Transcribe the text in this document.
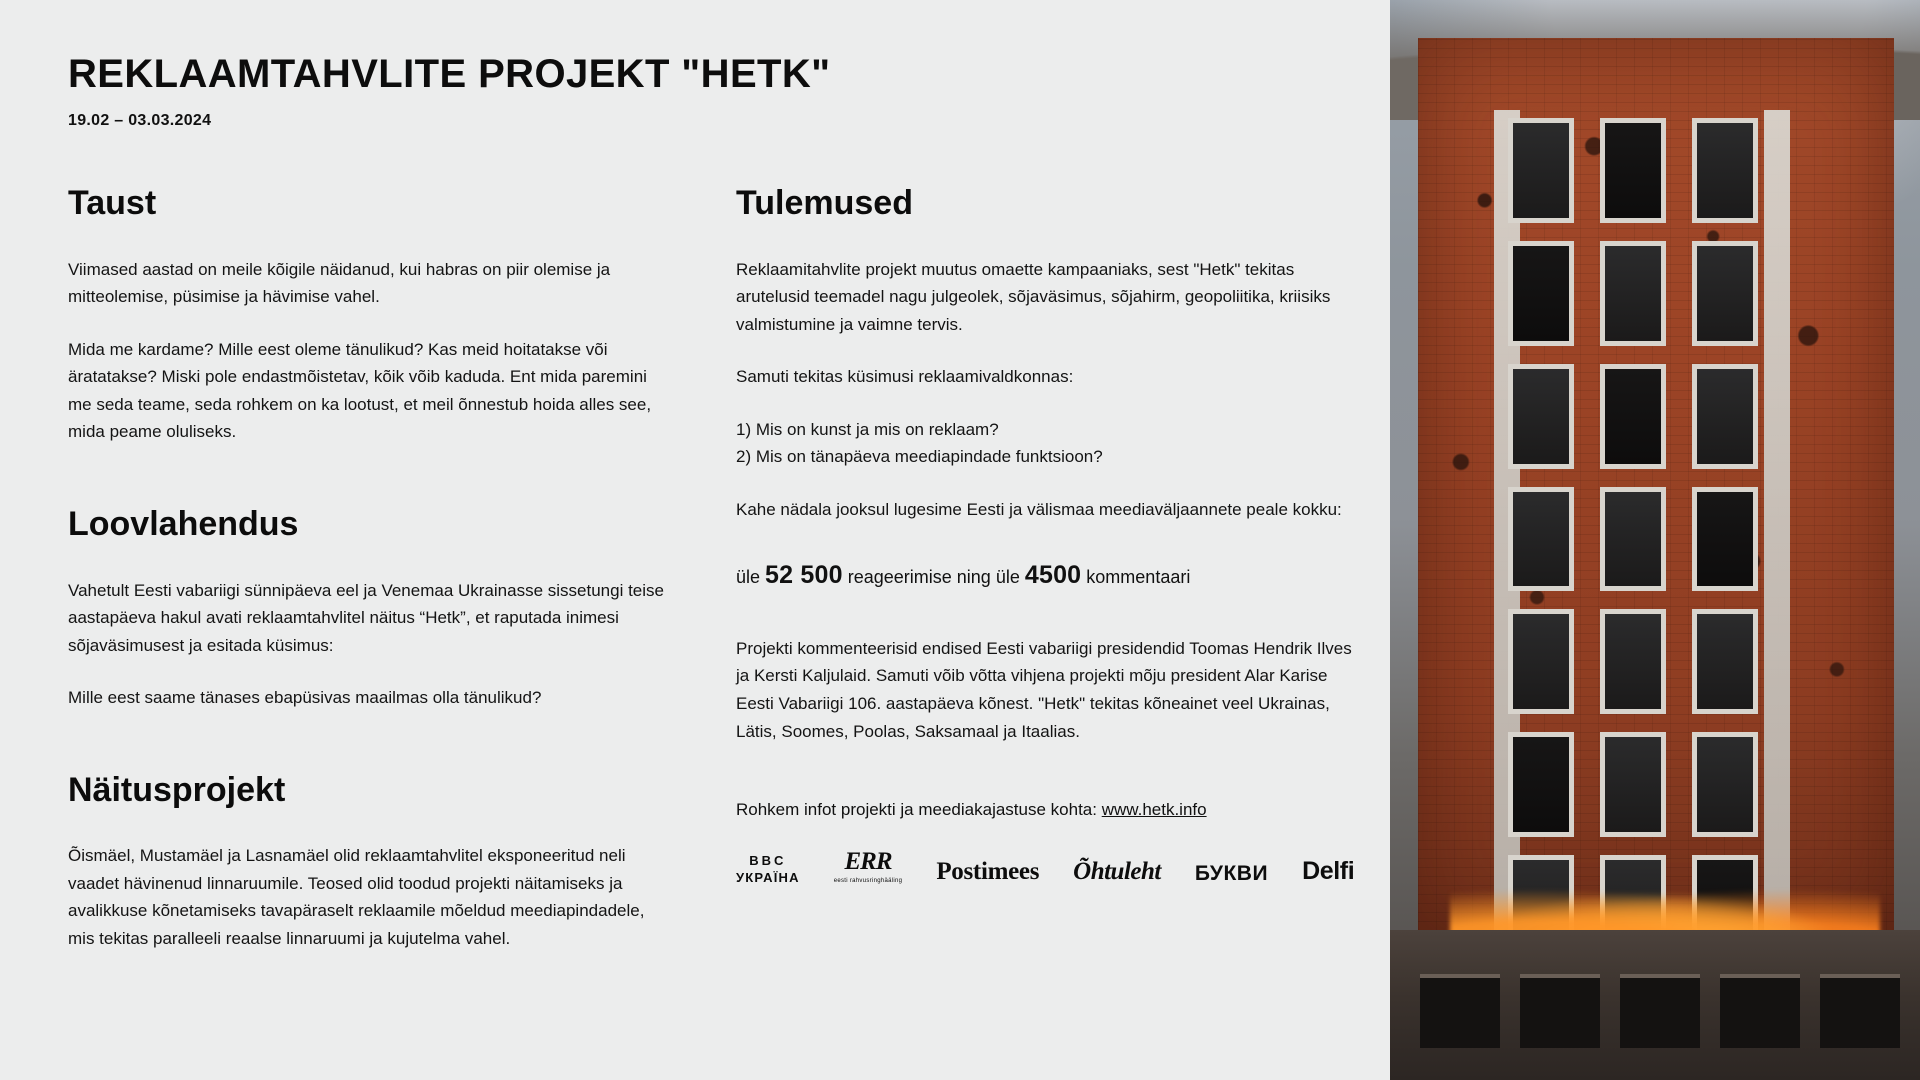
REKLAAMTAHVLITE PROJEKT "HETK"
19.02 – 03.03.2024
Taust

Viimased aastad on meile kõigile näidanud, kui habras on piir olemise ja mitteolemise, püsimise ja hävimise vahel.

Mida me kardame? Mille eest oleme tänulikud? Kas meid hoitatakse või äratatakse? Miski pole endastmõistetav, kõik võib kaduda. Ent mida paremini me seda teame, seda rohkem on ka lootust, et meil õnnestub hoida alles see, mida peame oluliseks.

Loovlahendus

Vahetult Eesti vabariigi sünnipäeva eel ja Venemaa Ukrainasse sissetungi teise aastapäeva hakul avati reklaamtahvlitel näitus “Hetk”, et raputada inimesi sõjaväsimusest ja esitada küsimus:

Mille eest saame tänases ebapüsivas maailmas olla tänulikud?

Näitusprojekt

Õismäel, Mustamäel ja Lasnamäel olid reklaamtahvlitel eksponeeritud neli vaadet hävinenud linnaruumile. Teosed olid toodud projekti näitamiseks ja avalikkuse kõnetamiseks tavapäraselt reklaamile mõeldud meediapindadele, mis tekitas paralleeli reaalse linnaruumi ja kujutelma vahel.

Tulemused

Reklaamitahvlite projekt muutus omaette kampaaniaks, sest "Hetk" tekitas arutelusid teemadel nagu julgeolek, sõjaväsimus, sõjahirm, geopoliitika, kriisiks valmistumine ja vaimne tervis.

Samuti tekitas küsimusi reklaamivaldkonnas:

1) Mis on kunst ja mis on reklaam?
2) Mis on tänapäeva meediapindade funktsioon?

Kahe nädala jooksul lugesime Eesti ja välismaa meediaväljaannete peale kokku:

üle 52 500 reageerimise ning üle 4500 kommentaari

Projekti kommenteerisid endised Eesti vabariigi presidendid Toomas Hendrik Ilves ja Kersti Kaljulaid. Samuti võib võtta vihjena projekti mõju president Alar Karise Eesti Vabariigi 106. aastapäeva kõnest. "Hetk" tekitas kõneainet veel Ukrainas, Lätis, Soomes, Poolas, Saksamaal ja Itaalias.

Rohkem infot projekti ja meediakajastuse kohta: www.hetk.info
BBC
УКРАЇНА
ERR
eesti rahvusringhääling Postimees Õhtuleht БУКВИ Delfi
